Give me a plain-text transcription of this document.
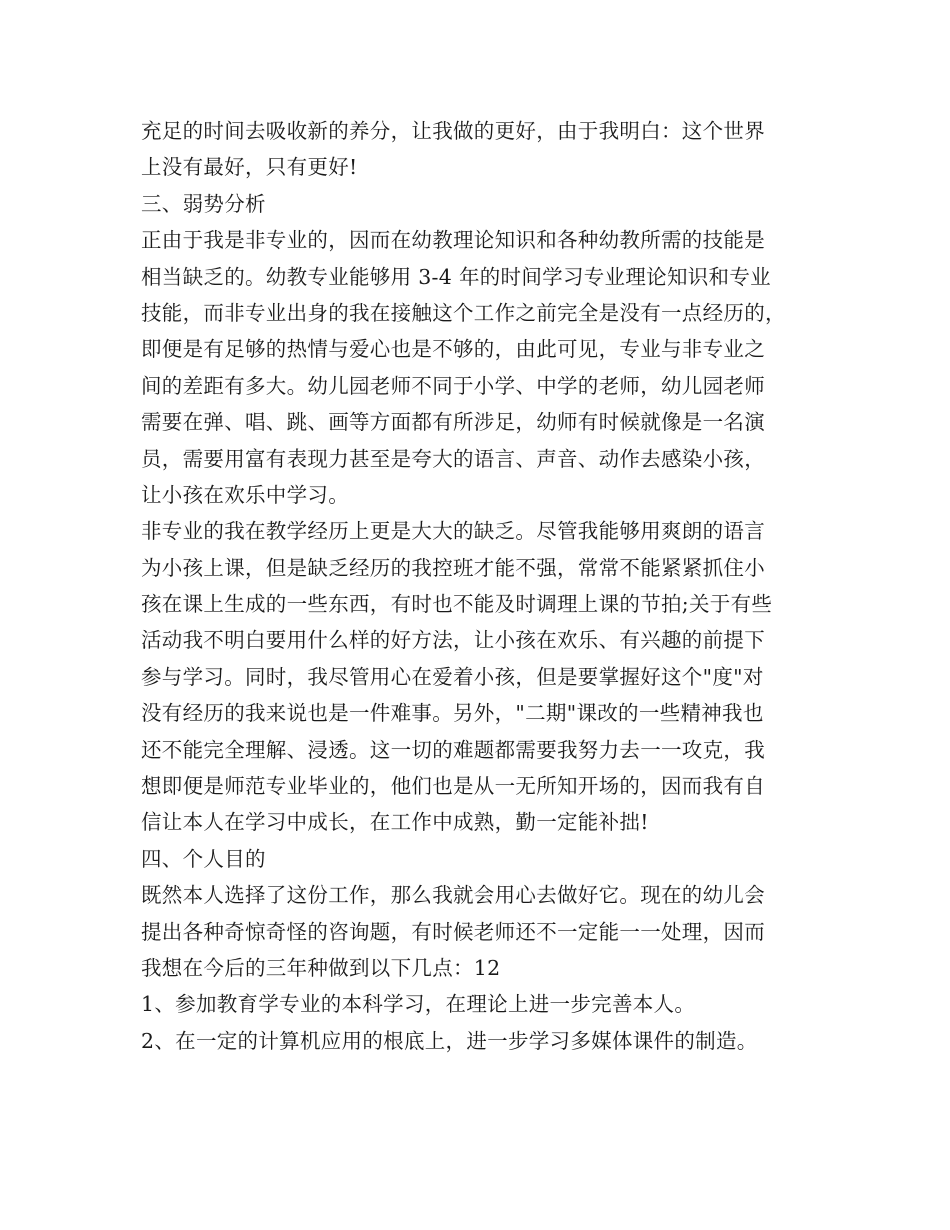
充足的时间去吸收新的养分，让我做的更好，由于我明白：这个世界
上没有最好，只有更好!
三、弱势分析
正由于我是非专业的，因而在幼教理论知识和各种幼教所需的技能是
相当缺乏的。幼教专业能够用 3-4 年的时间学习专业理论知识和专业
技能，而非专业出身的我在接触这个工作之前完全是没有一点经历的，
即便是有足够的热情与爱心也是不够的，由此可见，专业与非专业之
间的差距有多大。幼儿园老师不同于小学、中学的老师，幼儿园老师
需要在弹、唱、跳、画等方面都有所涉足，幼师有时候就像是一名演
员，需要用富有表现力甚至是夸大的语言、声音、动作去感染小孩，
让小孩在欢乐中学习。
非专业的我在教学经历上更是大大的缺乏。尽管我能够用爽朗的语言
为小孩上课，但是缺乏经历的我控班才能不强，常常不能紧紧抓住小
孩在课上生成的一些东西，有时也不能及时调理上课的节拍;关于有些
活动我不明白要用什么样的好方法，让小孩在欢乐、有兴趣的前提下
参与学习。同时，我尽管用心在爱着小孩，但是要掌握好这个"度"对
没有经历的我来说也是一件难事。另外，"二期"课改的一些精神我也
还不能完全理解、浸透。这一切的难题都需要我努力去一一攻克，我
想即便是师范专业毕业的，他们也是从一无所知开场的，因而我有自
信让本人在学习中成长，在工作中成熟，勤一定能补拙!
四、个人目的
既然本人选择了这份工作，那么我就会用心去做好它。现在的幼儿会
提出各种奇惊奇怪的咨询题，有时候老师还不一定能一一处理，因而
我想在今后的三年种做到以下几点：12
1、参加教育学专业的本科学习，在理论上进一步完善本人。
2、在一定的计算机应用的根底上，进一步学习多媒体课件的制造。
